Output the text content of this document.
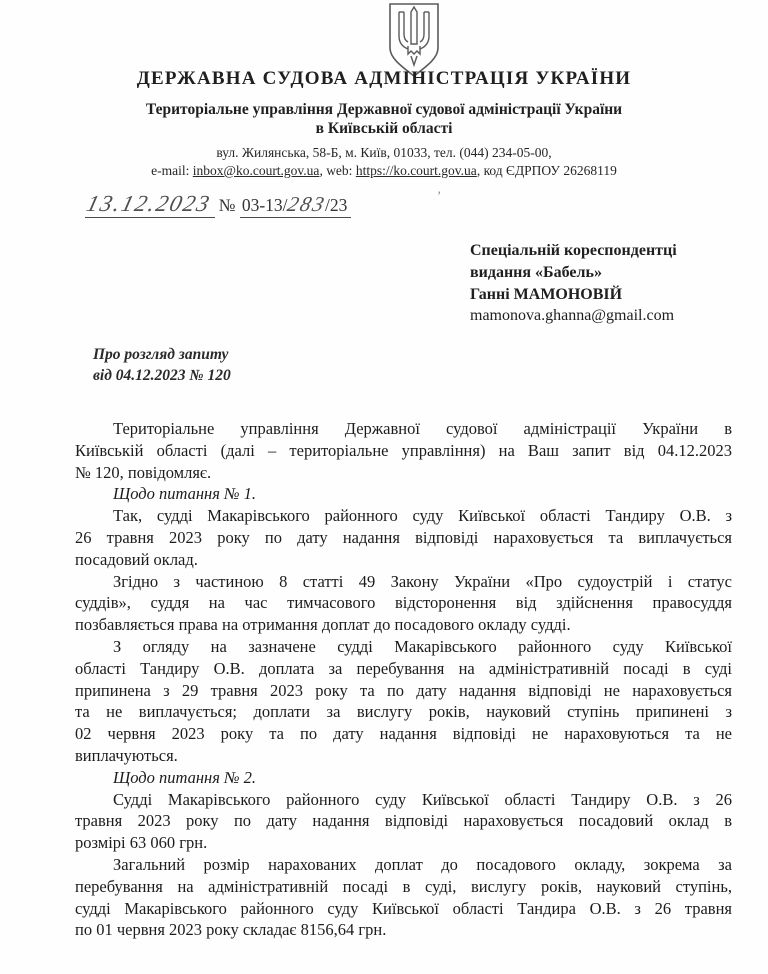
ДЕРЖАВНА СУДОВА АДМІНІСТРАЦІЯ УКРАЇНИ
Територіальне управління Державної судової адміністрації України
в Київській області
вул. Жилянська, 58-Б, м. Київ, 01033, тел. (044) 234-05-00,
e-mail: inbox@ko.court.gov.ua, web: https://ko.court.gov.ua, код ЄДРПОУ 26268119
13.12.2023 № 03-13/283/23	’
Спеціальній кореспондентці
видання «Бабель»
Ганні МАМОНОВІЙ
mamonova.ghanna@gmail.com
Про розгляд запиту
від 04.12.2023 № 120

Територіальне управління Державної судової адміністрації України в
Київській області (далі – територіальне управління) на Ваш запит від 04.12.2023
№ 120, повідомляє.

Щодо питання № 1.

Так, судді Макарівського районного суду Київської області Тандиру О.В. з
26 травня 2023 року по дату надання відповіді нараховується та виплачується
посадовий оклад.

Згідно з частиною 8 статті 49 Закону України «Про судоустрій і статус
суддів», суддя на час тимчасового відсторонення від здійснення правосуддя
позбавляється права на отримання доплат до посадового окладу судді.

З огляду на зазначене судді Макарівського районного суду Київської
області Тандиру О.В. доплата за перебування на адміністративній посаді в суді
припинена з 29 травня 2023 року та по дату надання відповіді не нараховується
та не виплачується; доплати за вислугу років, науковий ступінь припинені з
02 червня 2023 року та по дату надання відповіді не нараховуються та не
виплачуються.

Щодо питання № 2.

Судді Макарівського районного суду Київської області Тандиру О.В. з 26
травня 2023 року по дату надання відповіді нараховується посадовий оклад в
розмірі 63 060 грн.

Загальний розмір нарахованих доплат до посадового окладу, зокрема за
перебування на адміністративній посаді в суді, вислугу років, науковий ступінь,
судді Макарівського районного суду Київської області Тандира О.В. з 26 травня
по 01 червня 2023 року складає 8156,64 грн.
